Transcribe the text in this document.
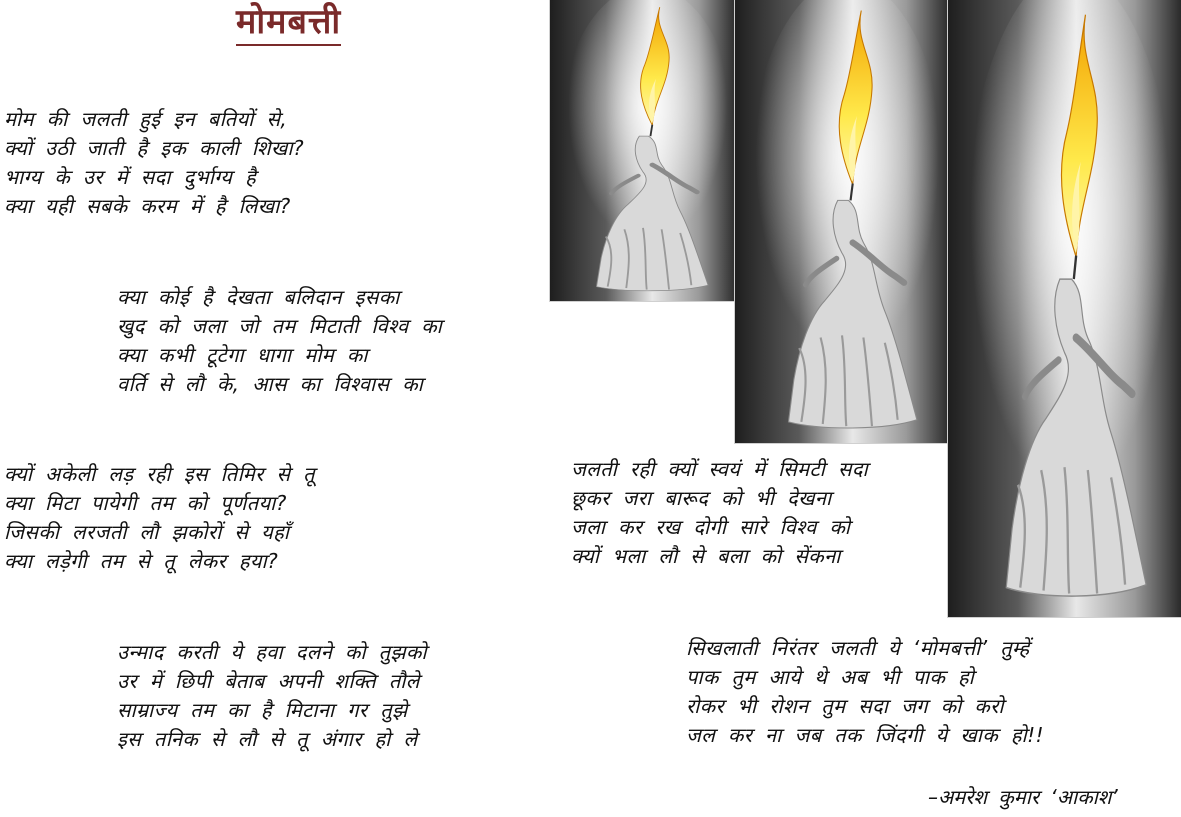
मोमबत्ती
मोम की जलती हुई इन बतियों से,
क्यों उठी जाती है इक काली शिखा?
भाग्य के उर में सदा दुर्भाग्य है
क्या यही सबके करम में है लिखा?
क्या कोई है देखता बलिदान इसका
खुद को जला जो तम मिटाती विश्व का
क्या कभी टूटेगा धागा मोम का
वर्ति से लौ के, आस का विश्वास का
क्यों अकेली लड़ रही इस तिमिर से तू
क्या मिटा पायेगी तम को पूर्णतया?
जिसकी लरजती लौ झकोरों से यहाँ
क्या लड़ेगी तम से तू लेकर हया?
उन्माद करती ये हवा दलने को तुझको
उर में छिपी बेताब अपनी शक्ति तौले
साम्राज्य तम का है मिटाना गर तुझे
इस तनिक से लौ से तू अंगार हो ले
जलती रही क्यों स्वयं में सिमटी सदा
छूकर जरा बारूद को भी देखना
जला कर रख दोगी सारे विश्व को
क्यों भला लौ से बला को सेंकना
सिखलाती निरंतर जलती ये ‘मोमबत्ती’ तुम्हें
पाक तुम आये थे अब भी पाक हो
रोकर भी रोशन तुम सदा जग को करो
जल कर ना जब तक जिंदगी ये खाक हो!!
–अमरेश कुमार ‘आकाश’
